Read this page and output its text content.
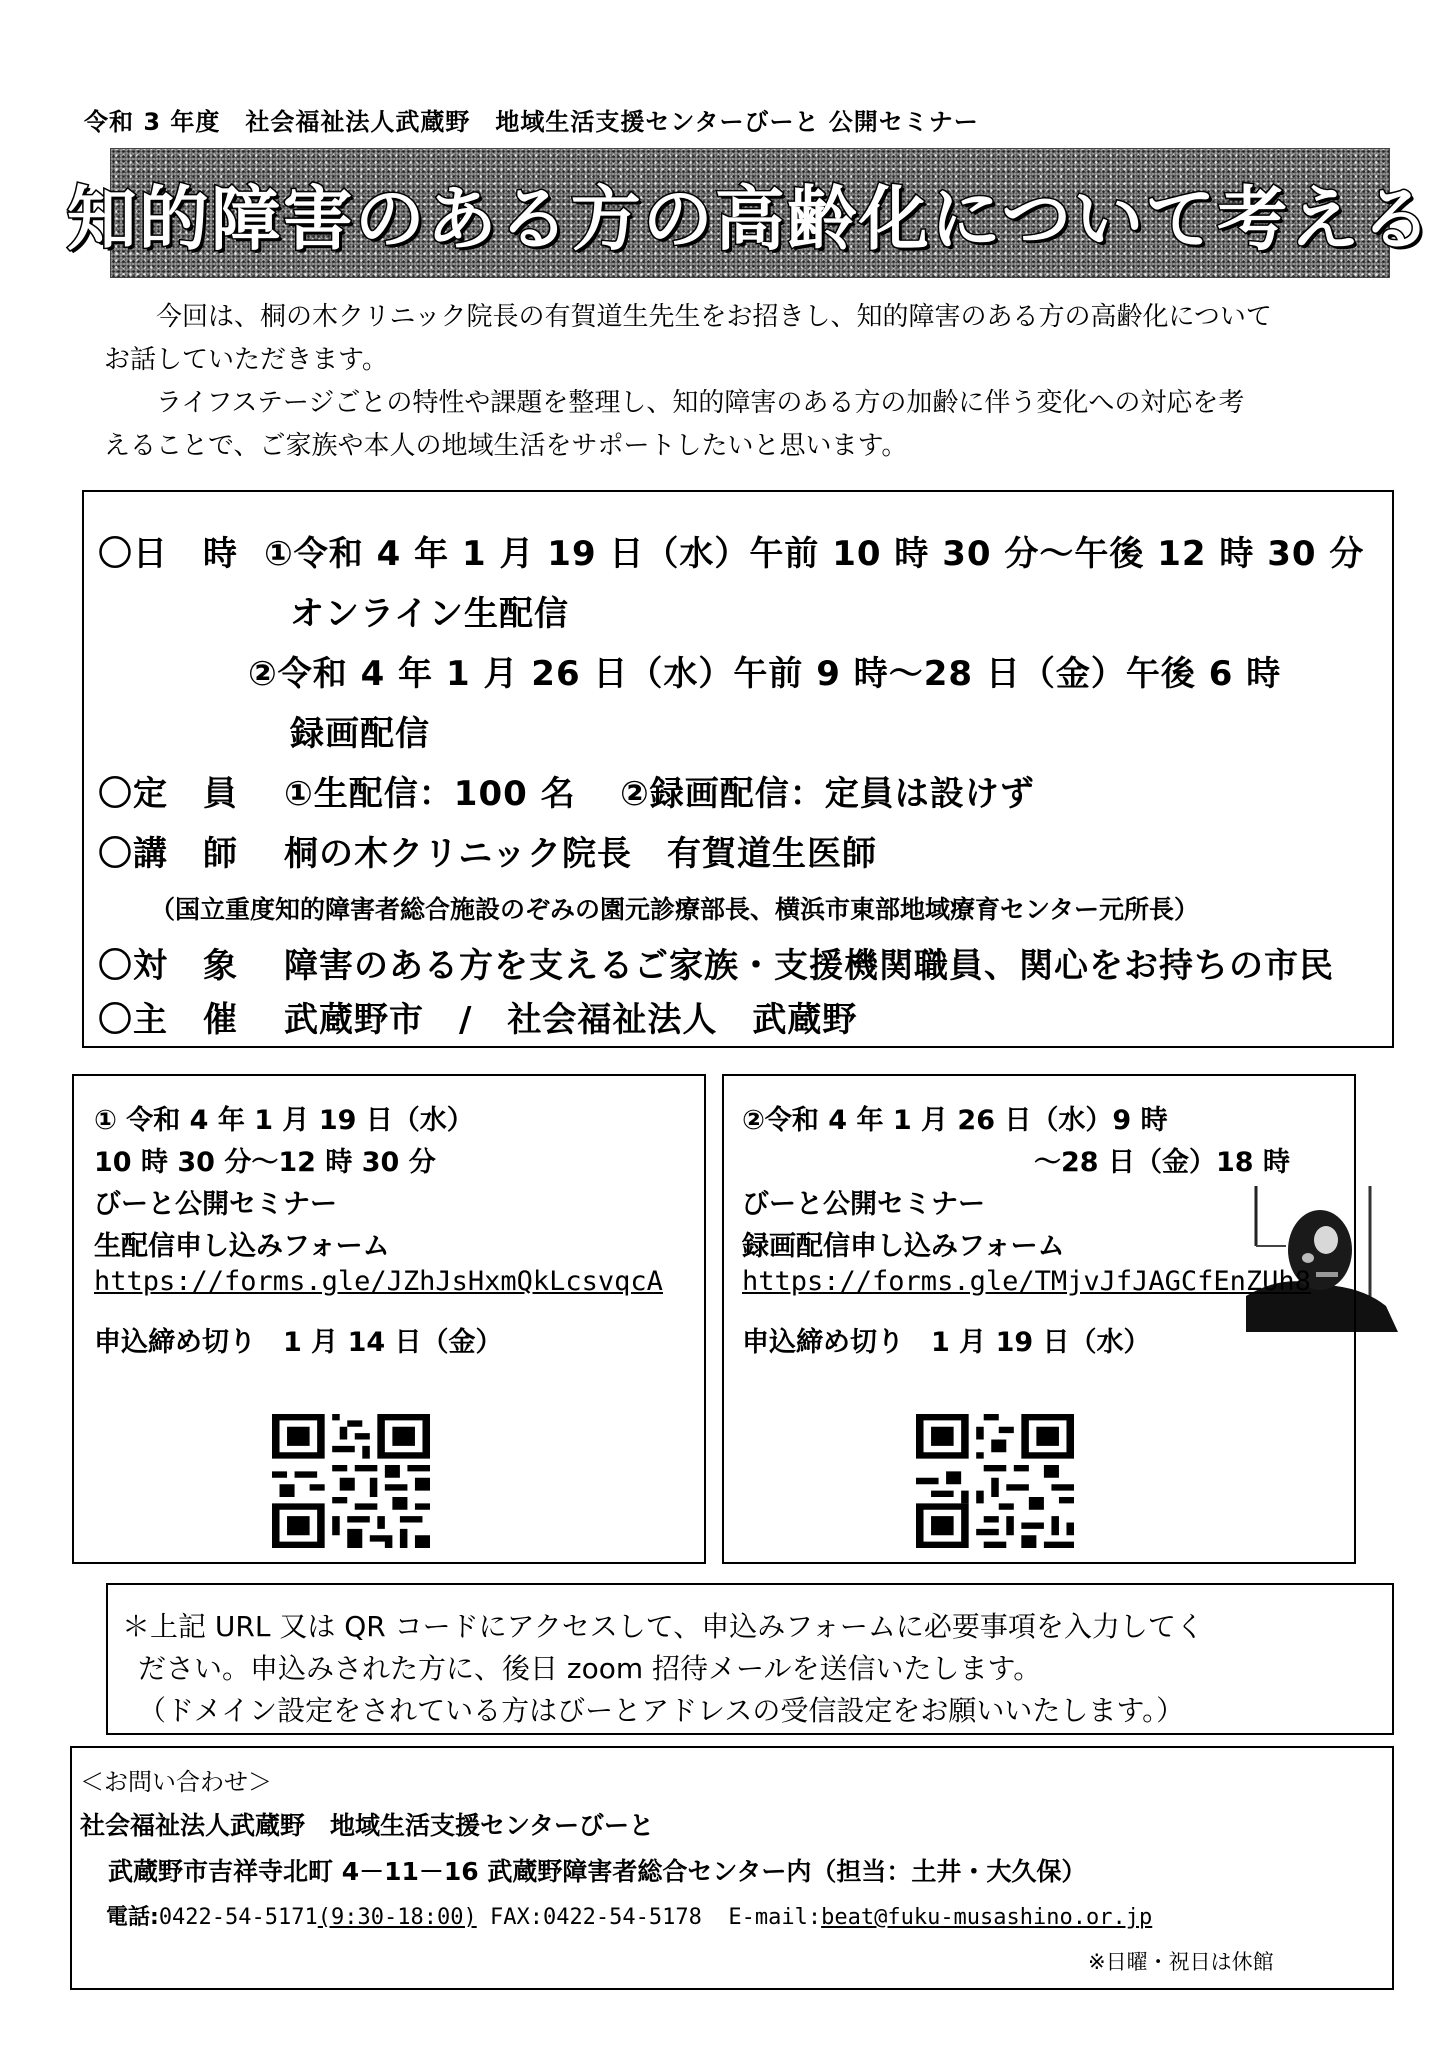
令和 3 年度　社会福祉法人武蔵野　地域生活支援センターびーと 公開セミナー
知的障害のある方の高齢化について考える

今回は、桐の木クリニック院長の有賀道生先生をお招きし、知的障害のある方の高齢化について

お話していただきます。

ライフステージごとの特性や課題を整理し、知的障害のある方の加齢に伴う変化への対応を考

えることで、ご家族や本人の地域生活をサポートしたいと思います。

〇日　時 ①令和 4 年 1 月 19 日（水）午前 10 時 30 分～午後 12 時 30 分
オンライン生配信
②令和 4 年 1 月 26 日（水）午前 9 時～28 日（金）午後 6 時
録画配信
〇定　員 ①生配信：100 名 ②録画配信：定員は設けず
〇講　師 桐の木クリニック院長　有賀道生医師
（国立重度知的障害者総合施設のぞみの園元診療部長、横浜市東部地域療育センター元所長）
〇対　象 障害のある方を支えるご家族・支援機関職員、関心をお持ちの市民
〇主　催 武蔵野市　/　社会福祉法人　武蔵野
① 令和 4 年 1 月 19 日（水）
10 時 30 分～12 時 30 分
びーと公開セミナー
生配信申し込みフォーム
https://forms.gle/JZhJsHxmQkLcsvqcA
申込締め切り　1 月 14 日（金）
②令和 4 年 1 月 26 日（水）9 時
～28 日（金）18 時
びーと公開セミナー
録画配信申し込みフォーム
https://forms.gle/TMjvJfJAGCfEnZUh8
申込締め切り　1 月 19 日（水）

＊上記 URL 又は QR コードにアクセスして、申込みフォームに必要事項を入力してく

ださい。申込みされた方に、後日 zoom 招待メールを送信いたします。

（ドメイン設定をされている方はびーとアドレスの受信設定をお願いいたします。）

＜お問い合わせ＞
社会福祉法人武蔵野　地域生活支援センターびーと
武蔵野市吉祥寺北町 4－11－16 武蔵野障害者総合センター内（担当：土井・大久保）
電話:0422-54-5171(9:30-18:00) FAX:0422-54-5178 E-mail:beat@fuku-musashino.or.jp
※日曜・祝日は休館
